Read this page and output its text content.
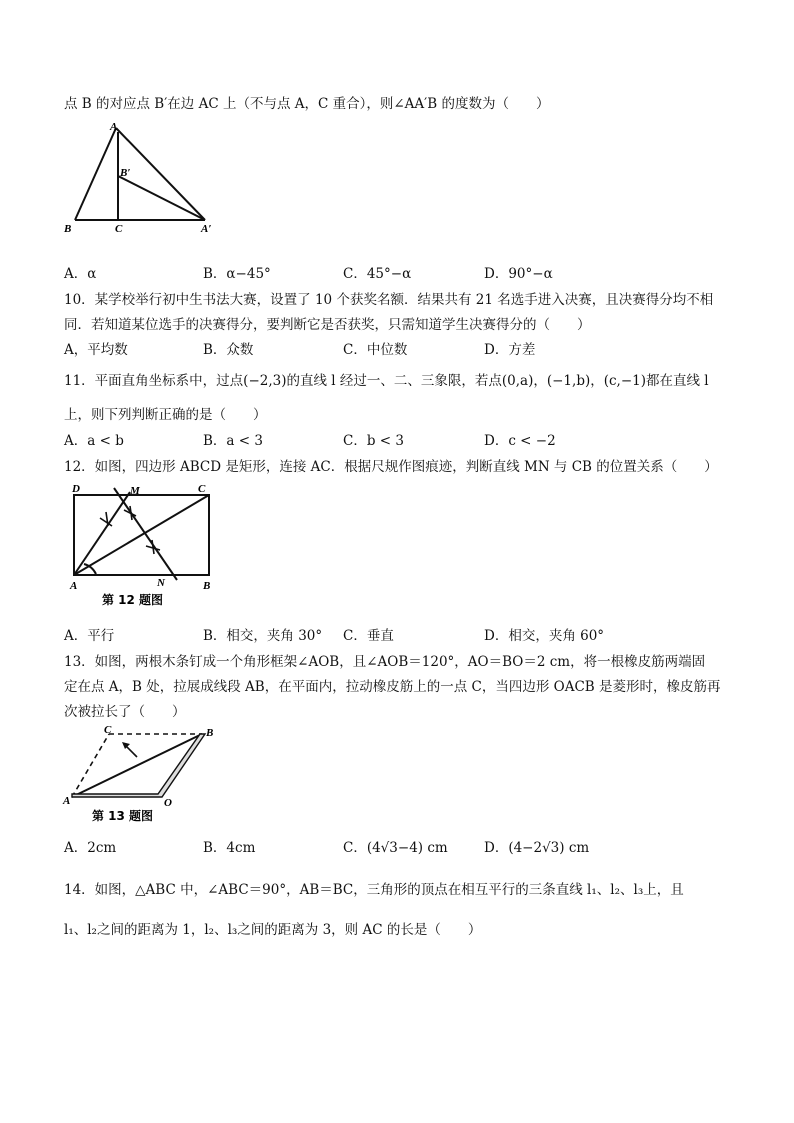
点 B 的对应点 B′在边 AC 上（不与点 A，C 重合），则∠AA′B 的度数为（　　）
A
B′
B	C	A′
A．α	B．α−45°	C．45°−α	D．90°−α
10．某学校举行初中生书法大赛，设置了 10 个获奖名额．结果共有 21 名选手进入决赛，且决赛得分均不相
同．若知道某位选手的决赛得分，要判断它是否获奖，只需知道学生决赛得分的（　　）
A，平均数	B．众数	C．中位数	D．方差
11．平面直角坐标系中，过点(−2,3)的直线 l 经过一、二、三象限，若点(0,a)，(−1,b)，(c,−1)都在直线 l
上，则下列判断正确的是（　　）
A．a < b	B．a < 3	C．b < 3	D．c < −2
12．如图，四边形 ABCD 是矩形，连接 AC．根据尺规作图痕迹，判断直线 MN 与 CB 的位置关系（　　）
D	M	C
A	N	B
第 12 题图
A．平行	B．相交，夹角 30° C．垂直	D．相交，夹角 60°
13．如图，两根木条钉成一个角形框架∠AOB，且∠AOB＝120°，AO＝BO＝2 cm，将一根橡皮筋两端固
定在点 A，B 处，拉展成线段 AB，在平面内，拉动橡皮筋上的一点 C，当四边形 OACB 是菱形时，橡皮筋再
次被拉长了（　　）
C	B
A	O
第 13 题图
A．2cm	B．4cm	C．(4√3−4) cm	D．(4−2√3) cm
14．如图，△ABC 中，∠ABC＝90°，AB＝BC，三角形的顶点在相互平行的三条直线 l₁、l₂、l₃上，且
l₁、l₂之间的距离为 1，l₂、l₃之间的距离为 3，则 AC 的长是（　　）
